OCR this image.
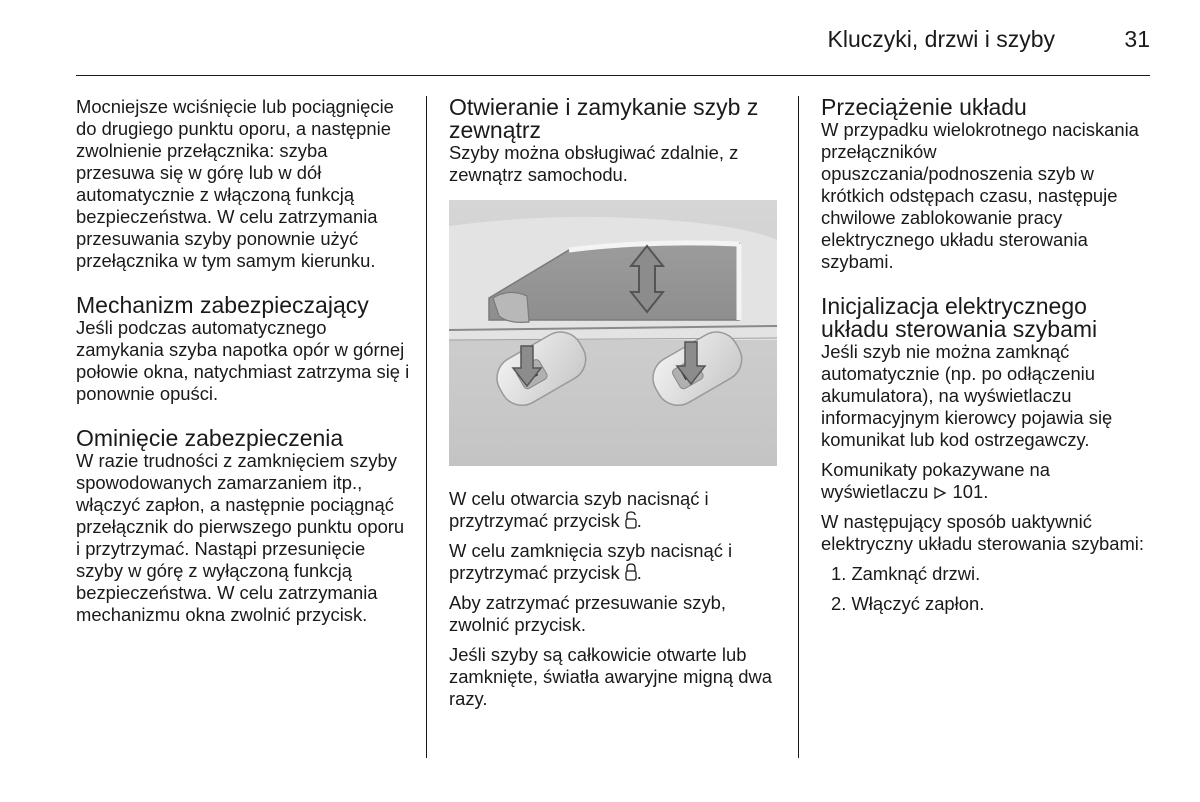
Kluczyki, drzwi i szyby	31

Mocniejsze wciśnięcie lub pociągnięcie do drugiego punktu oporu, a następnie zwolnienie przełącznika: szyba przesuwa się w górę lub w dół automatycznie z włączoną funkcją bezpieczeństwa. W celu zatrzymania przesuwania szyby ponownie użyć przełącznika w tym samym kierunku.

Mechanizm zabezpieczający

Jeśli podczas automatycznego zamykania szyba napotka opór w górnej połowie okna, natychmiast zatrzyma się i ponownie opuści.

Ominięcie zabezpieczenia

W razie trudności z zamknięciem szyby spowodowanych zamarzaniem itp., włączyć zapłon, a następnie pociągnąć przełącznik do pierwszego punktu oporu i przytrzymać. Nastąpi przesunięcie szyby w górę z wyłączoną funkcją bezpieczeństwa. W celu zatrzymania mechanizmu okna zwolnić przycisk.

Otwieranie i zamykanie szyb z zewnątrz

Szyby można obsługiwać zdalnie, z zewnątrz samochodu.

W celu otwarcia szyb nacisnąć i przytrzymać przycisk .

W celu zamknięcia szyb nacisnąć i przytrzymać przycisk .

Aby zatrzymać przesuwanie szyb, zwolnić przycisk.

Jeśli szyby są całkowicie otwarte lub zamknięte, światła awaryjne migną dwa razy.

Przeciążenie układu

W przypadku wielokrotnego naciskania przełączników opuszczania/podnoszenia szyb w krótkich odstępach czasu, następuje chwilowe zablokowanie pracy elektrycznego układu sterowania szybami.

Inicjalizacja elektrycznego układu sterowania szybami

Jeśli szyb nie można zamknąć automatycznie (np. po odłączeniu akumulatora), na wyświetlaczu informacyjnym kierowcy pojawia się komunikat lub kod ostrzegawczy.

Komunikaty pokazywane na wyświetlaczu  101.

W następujący sposób uaktywnić elektryczny układu sterowania szybami:

1. Zamknąć drzwi.
2. Włączyć zapłon.
